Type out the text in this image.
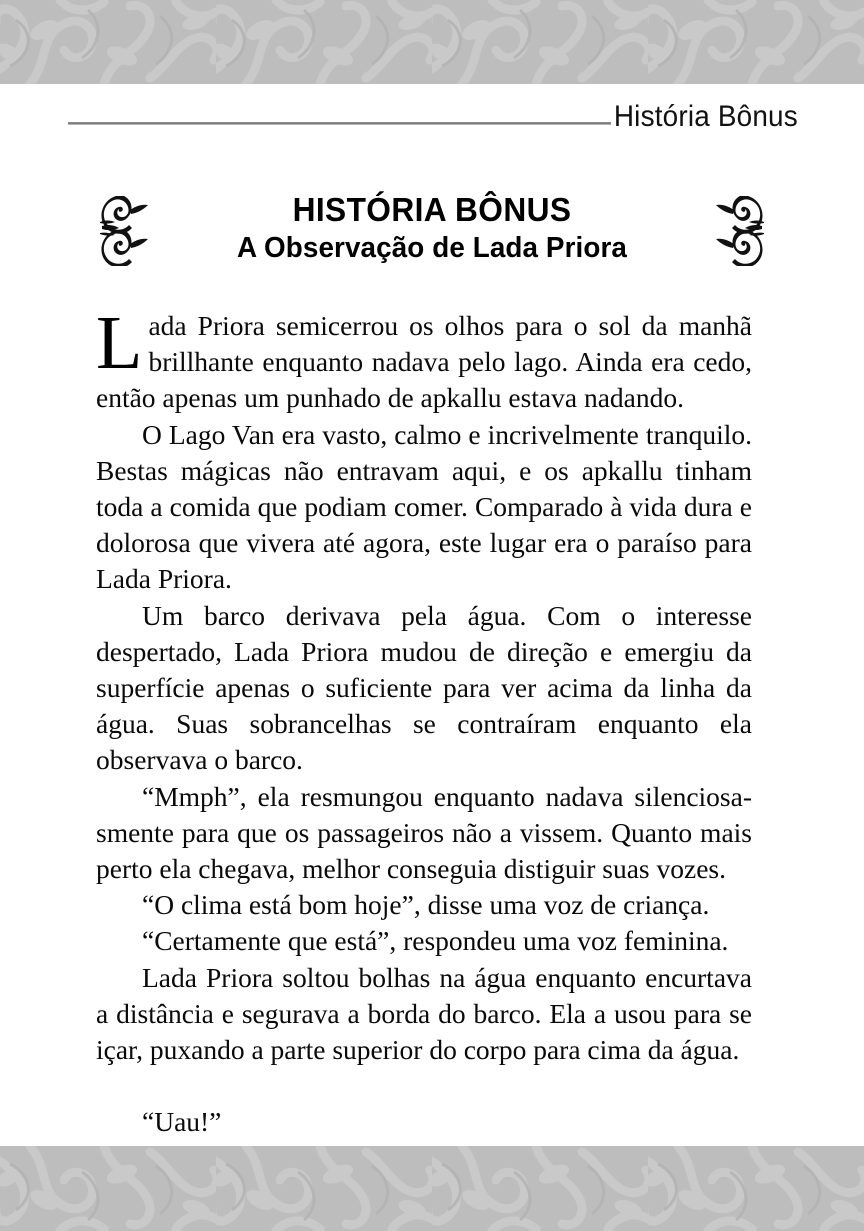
História Bônus
HISTÓRIA BÔNUS
A Observação de Lada Priora

Lada Priora semicerrou os olhos para o sol da manhã brillhante enquanto nadava pelo lago. Ainda era cedo, então apenas um punhado de apkallu estava nadando.

O Lago Van era vasto, calmo e incrivelmente tranquilo. Bestas mágicas não entravam aqui, e os apkallu tinham toda a comida que podiam comer. Comparado à vida dura e dolorosa que vivera até agora, este lugar era o paraíso para Lada Priora.

Um barco derivava pela água. Com o interesse despertado, Lada Priora mudou de direção e emergiu da superfície apenas o suficiente para ver acima da linha da água. Suas sobrancelhas se contraíram enquanto ela observava o barco.

“Mmph”, ela resmungou enquanto nadava silenciosa-smente para que os passageiros não a vissem. Quanto mais perto ela chegava, melhor conseguia distiguir suas vozes.

“O clima está bom hoje”, disse uma voz de criança.

“Certamente que está”, respondeu uma voz feminina.

Lada Priora soltou bolhas na água enquanto encurtava a distância e segurava a borda do barco. Ela a usou para se içar, puxando a parte superior do corpo para cima da água.

“Uau!”
